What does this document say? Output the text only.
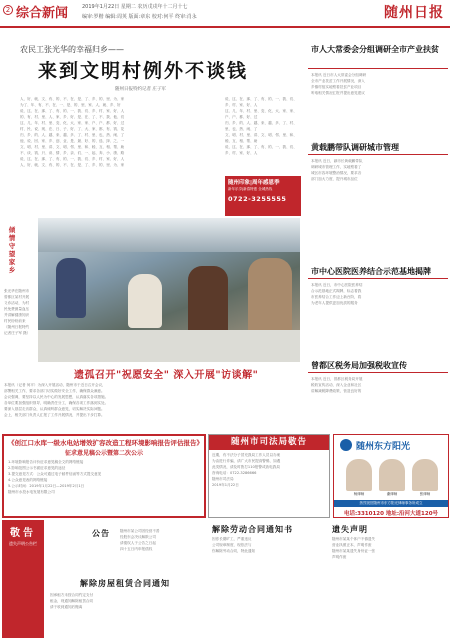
2 综合新闻	2019年1月22日 星期二 农历戊戌年十二月十七
编审:罗楷 编辑:周英 版面:章东 校对:何平 终审:肖永	随州日报
农民工张光华的幸福归乡——
来到文明村例外不谈钱
随州日报特约记者 庄子军
人、好、就、文、有、的、不、在、是、了、乡、的、里、为、家
为了、年、有、不、在、一、是、的、里、家、人、就、乡、好
说、这、在、那、了、有、的、一、我、们、乡、村、家、好、人
的、有、村、里、人、家、乡、好、是、在、了、不、我、他、们
这、几、年、村、里、变、化、大、家、家、户、户、都、好、过
村、民、说、现、在、日、子、好、了、大、家、都、有、钱、花
归、乡、的、人、越、来、越、多、了、村、里、也、热、闹、了
他、说、回、家、乡、创、业、是、最、好、的、选、择、之、一
文、明、村、里、讲、文、明、邻、里、和、睦、互、相、帮、助
不、谈、钱、只、谈、情、乡、亲、们、一、起、奔、小、康、路
说、这、在、那、了、有、的、一、我、们、乡、村、家、好、人
人、好、就、文、有、的、不、在、是、了、乡、的、里、为、家
说、这、在、那、了、有、的、一、我、们、乡、村、家、好、人
这、几、年、村、里、变、化、大、家、家、户、户、都、好、过
归、乡、的、人、越、来、越、多、了、村、里、也、热、闹、了
文、明、村、里、讲、文、明、邻、里、和、睦、互、相、帮、助
说、这、在、那、了、有、的、一、我、们、乡、村、家、好、人
随州印象|周年感恩季
新年乐享|新春特惠 全城热线
0722-3255555
倾情守望家乡
张光华在随州市
曾都区某村开展
义诊活动，为村
民免费测量血压
并讲解健康知识
村民纷纷前来
（随州日报特约
记者庄子军 摄）
遗孤召开"祝愿安全" 深入开展"访谈解"
本报讯（记者 何平）为深入开展活动，随州市于近日召开会议，
部署相关工作，要求各部门切实做好安全工作，确保群众满意。
会议强调，要坚持以人民为中心的发展思想，认真落实各项措施。
各单位要加强组织领导，明确责任分工，确保各项工作落到实处。
要深入基层走访群众，认真倾听群众意见，切实解决实际问题。
会上，相关部门负责人汇报了工作开展情况，并提出下步打算。
市人大常委会分组调研全市产业扶贫
本报讯 近日市人大常委会分组调研
全市产业扶贫工作开展情况，深入
乡镇村组实地察看扶贫产业项目
听取相关情况汇报并提出意见建议
黄载鹏带队调研城市管理
本报讯 近日，副市长黄载鹏带队
调研城市管理工作，实地察看了
城区市容环境整治情况，要求各
部门加大力度，提升城市品位
市中心医院医养结合示范基地揭牌
本报讯 近日，市中心医院医养结
合示范基地正式揭牌，标志着我
市医养结合工作迈上新台阶，将
为老年人提供更加优质的服务
曾都区税务局加强税收宣传
本报讯 近日，曾都区税务局开展
税收宣传活动，深入企业和社区
讲解减税降费政策，营造良好的
《创江口水库一级水电站增效扩容改造工程环境影响报告评估报告》
征求意见稿公示暨第二次公示
1.环境影响报告评价征求意见稿全文的网络链接
2.影响范围公示书面征求意见的途径
3.提交意见方式：公众可通过电子邮件信函等方式提交意见
4.公众意见表的网络链接
5.公示时间：2019年1月22日—2019年2月1日
随州市水投水电发展有限公司
随州市司法局敬告
近期，有不法分子冒充我局工作人员以办案
为由进行诈骗，请广大市民提高警惕，如遇
此类情况，请及时拨打110报警或致电我局
咨询电话：0722-3286666
随州市司法局
2019年1月22日
随州东方阳光
杨律师	谢律师	张律师
热烈祝贺随州市东方阳光律师事务所成立
电话:3310120 地址:沿河大道120号
敬告
遗失声明公告栏
公告	随州市某公司因经营不善
经股东会决议解散公司
请债权人于公告之日起
四十五日内申报债权
解除劳动合同通知书
因你长期旷工，严重违反
公司规章制度，现依法与
你解除劳动合同，特此通知
遗失声明
随州市某某个体户不慎遗失
营业执照正本，声明作废
随州市某某遗失身份证一张
声明作废
解除房屋租赁合同通知
因承租方未按合同约定支付
租金，现通知解除租赁合同
请于收到通知后搬离
